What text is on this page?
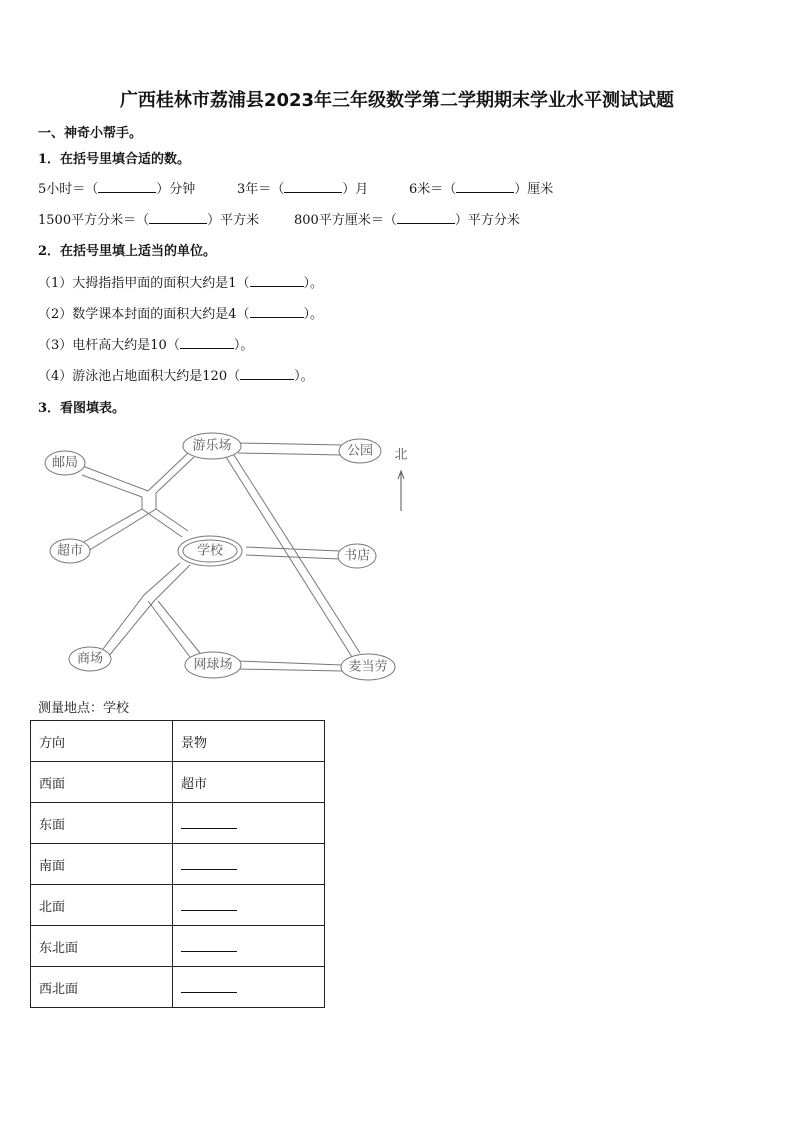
广西桂林市荔浦县2023年三年级数学第二学期期末学业水平测试试题
一、神奇小帮手。
1．在括号里填合适的数。
5小时＝（	）分钟	3年＝（	）月	6米＝（	）厘米
1500平方分米＝（	）平方米	800平方厘米＝（	）平方分米
2．在括号里填上适当的单位。
（1）大拇指指甲面的面积大约是1（	）。
（2）数学课本封面的面积大约是4（	）。
（3）电杆高大约是10（	）。
（4）游泳池占地面积大约是120（	）。
3．看图填表。
邮局
游乐场	公园
超市	学校	书店
商场	网球场	麦当劳
北
测量地点：学校
方向	景物
西面	超市
东面	
南面	
北面	
东北面	
西北面	
